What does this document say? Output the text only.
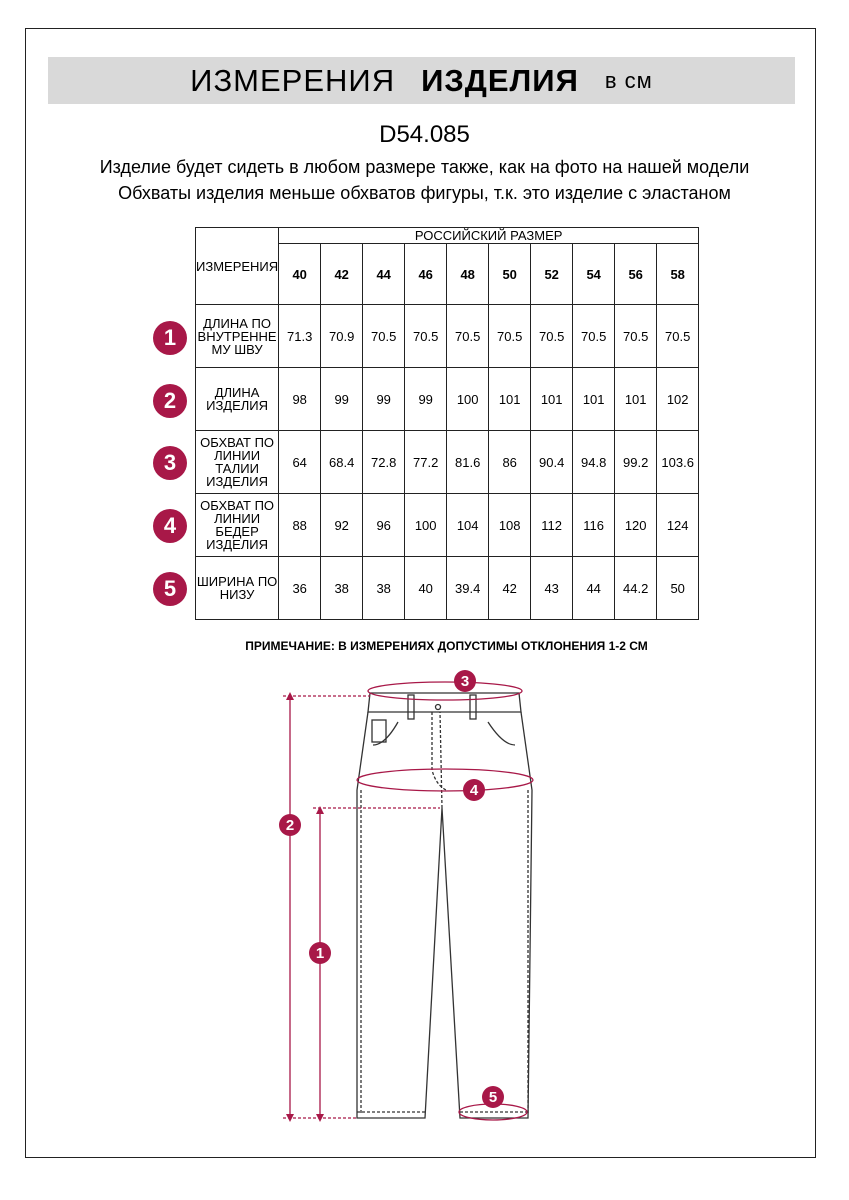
ИЗМЕРЕНИЯ ИЗДЕЛИЯ в см
D54.085
Изделие будет сидеть в любом размере также, как на фото на нашей модели
Обхваты изделия меньше обхватов фигуры, т.к. это изделие с эластаном
ИЗМЕРЕНИЯ	РОССИЙСКИЙ РАЗМЕР									
	40	42	44	46	48	50	52	54	56	58
ДЛИНА ПО ВНУТРЕННЕ МУ ШВУ	71.3	70.9	70.5	70.5	70.5	70.5	70.5	70.5	70.5	70.5
ДЛИНА ИЗДЕЛИЯ	98	99	99	99	100	101	101	101	101	102
ОБХВАТ ПО ЛИНИИ ТАЛИИ ИЗДЕЛИЯ	64	68.4	72.8	77.2	81.6	86	90.4	94.8	99.2	103.6
ОБХВАТ ПО ЛИНИИ БЕДЕР ИЗДЕЛИЯ	88	92	96	100	104	108	112	116	120	124
ШИРИНА ПО НИЗУ	36	38	38	40	39.4	42	43	44	44.2	50
1
2
3
4
5
ПРИМЕЧАНИЕ: В ИЗМЕРЕНИЯХ ДОПУСТИМЫ ОТКЛОНЕНИЯ 1-2 СМ
1
2
3
4
5
